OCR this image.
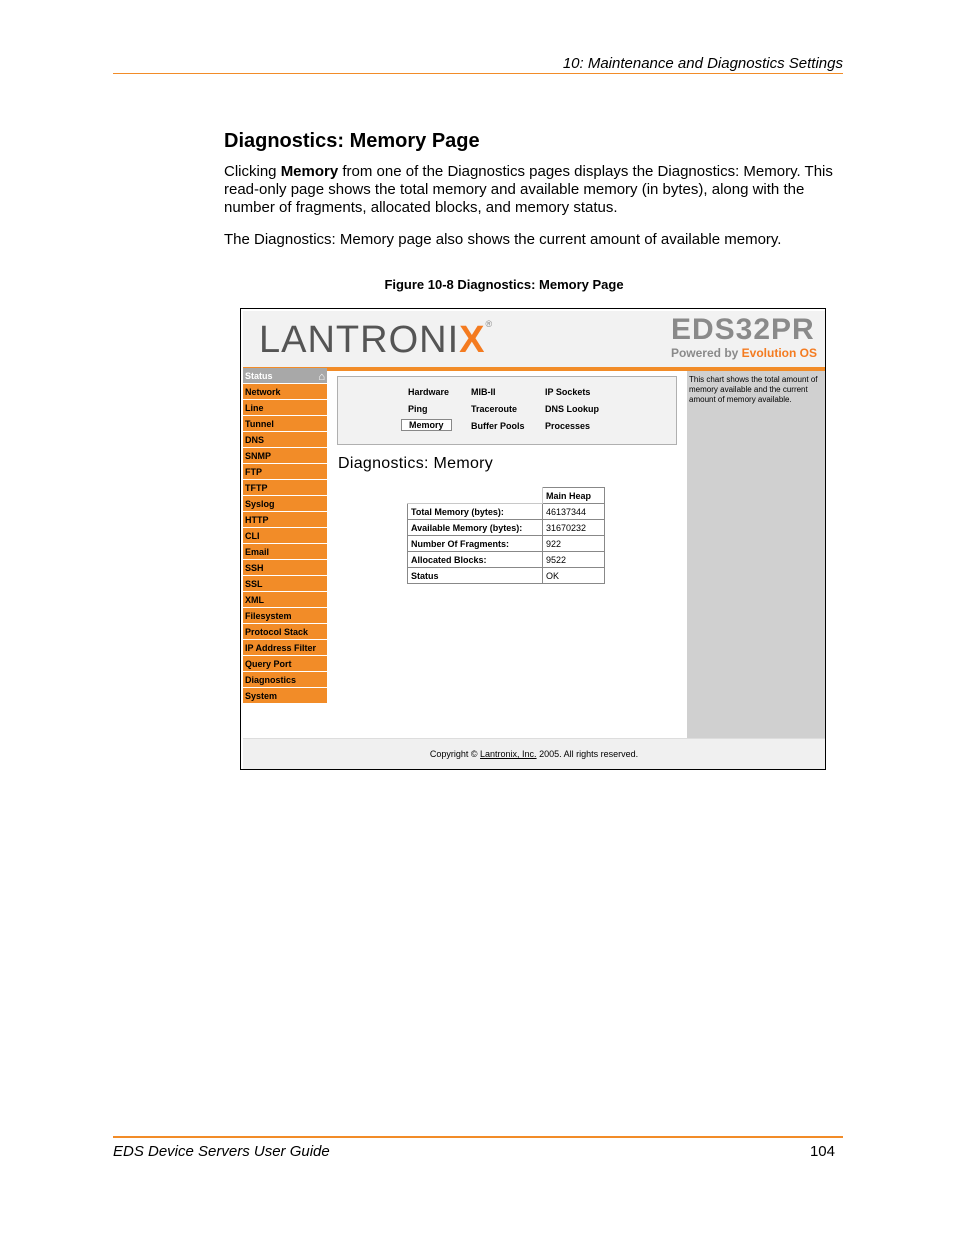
10: Maintenance and Diagnostics Settings
Diagnostics: Memory Page

Clicking Memory from one of the Diagnostics pages displays the Diagnostics: Memory. This read-only page shows the total memory and available memory (in bytes), along with the number of fragments, allocated blocks, and memory status.

The Diagnostics: Memory page also shows the current amount of available memory.

Figure 10-8 Diagnostics: Memory Page
LANTRONIX®	EDS32PR
Powered by Evolution OS
Status	⌂
Network
Line
Tunnel
DNS
SNMP
FTP
TFTP
Syslog
HTTP
CLI
Email
SSH
SSL
XML
Filesystem
Protocol Stack
IP Address Filter
Query Port
Diagnostics
System
Hardware MIB-II	IP Sockets
Ping	Traceroute	DNS Lookup
Memory	Buffer Pools Processes
Diagnostics: Memory
	Main Heap
Total Memory (bytes):	46137344
Available Memory (bytes):	31670232
Number Of Fragments:	922
Allocated Blocks:	9522
Status	OK
This chart shows the total amount of memory available and the current amount of memory available.
Copyright © Lantronix, Inc. 2005. All rights reserved.
EDS Device Servers User Guide	104
